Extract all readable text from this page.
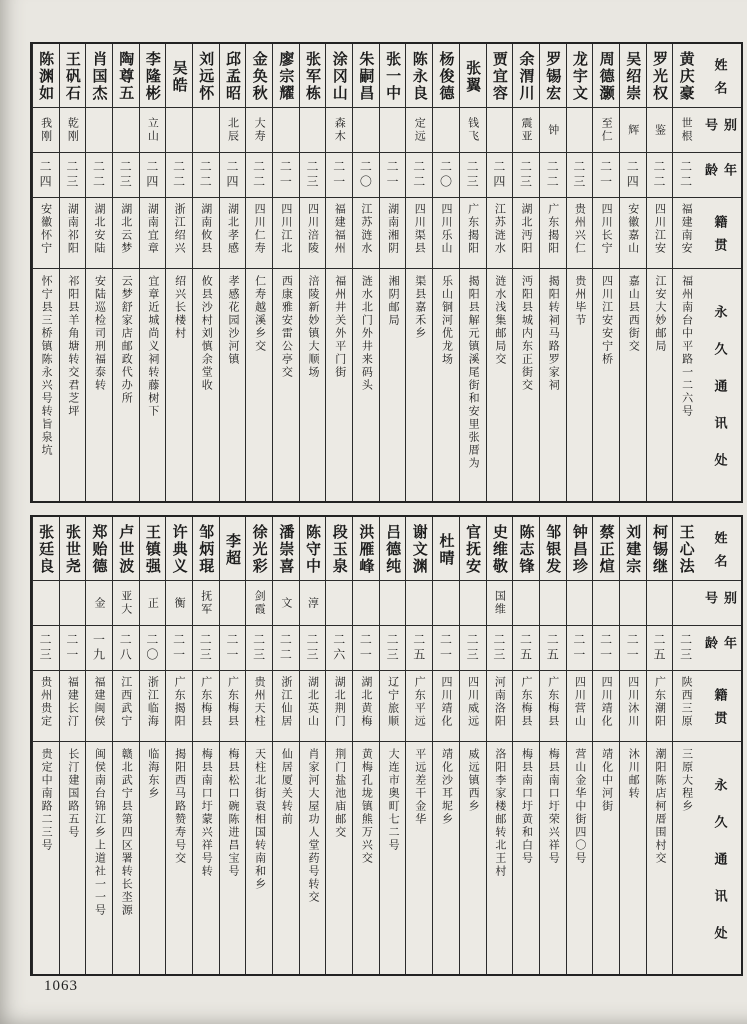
姓名
别号
年龄
籍贯
永久通讯处
黄庆豪
世根
二二
福建南安
福州南台中平路一二六号
罗光权
鉴
二二
四川江安
江安大妙邮局
吴绍崇
辉
二四
安徽嘉山
嘉山县西街交
周德灏
至仁
二一
四川长宁
四川江安安宁桥
龙宇文
二三
贵州兴仁
贵州毕节
罗锡宏
钟
二二
广东揭阳
揭阳转祠马路罗家祠
余渭川
震亚
二三
湖北沔阳
沔阳县城内东正街交
贾宜容
二四
江苏涟水
涟水浅集邮局交
张翼
钱飞
二三
广东揭阳
揭阳县解元镇溪尾街和安里张厝为
杨俊德
二〇
四川乐山
乐山铜河优龙场
陈永良
定远
二二
四川渠县
渠县嘉禾乡
张一中
二一
湖南湘阴
湘阴邮局
朱嗣昌
二〇
江苏涟水
涟水北门外井来码头
涂冈山
森木
二一
福建福州
福州井关外平门街
张军栋
二三
四川涪陵
涪陵新妙镇大顺场
廖宗耀
二一
四川江北
西康雅安雷公亭交
金奂秋
大寿
二二
四川仁寿
仁寿越溪乡交
邱孟昭
北辰
二四
湖北孝感
孝感花园沙河镇
刘远怀
二二
湖南攸县
攸县沙村刘慎余堂收
吴皓
二二
浙江绍兴
绍兴长楼村
李隆彬
立山
二四
湖南宜章
宜章近城尚义祠转藤树下
陶尊五
二三
湖北云梦
云梦舒家店邮政代办所
肖国杰
二二
湖北安陆
安陆巡检司刑福泰转
王矾石
乾刚
二三
湖南祁阳
祁阳县羊角塘转交君芝坪
陈渊如
我刚
二四
安徽怀宁
怀宁县三桥镇陈永兴号转旨泉坑
姓名
别号
年龄
籍贯
永久通讯处
王心法
二三
陕西三原
三原大程乡
柯锡继
二五
广东潮阳
潮阳陈店柯厝围村交
刘建宗
二一
四川沐川
沐川邮转
蔡正煊
二一
四川靖化
靖化中河街
钟昌珍
二一
四川营山
营山金华中街四〇号
邹银发
二五
广东梅县
梅县南口圩荣兴祥号
陈志锋
二五
广东梅县
梅县南口圩黄和白号
史维敬
国维
二三
河南洛阳
洛阳李家楼邮转北王村
官抚安
二三
四川威远
威远镇西乡
杜晴
二一
四川靖化
靖化沙耳坭乡
谢文渊
二五
广东平远
平远差干金华
吕德纯
二三
辽宁旅顺
大连市奥町七二号
洪雁峰
二一
湖北黄梅
黄梅孔垅镇熊万兴交
段玉泉
二六
湖北荆门
荆门盐池庙邮交
陈守中
淳
二三
湖北英山
肖家河大屋功人堂药号转交
潘崇喜
文
二二
浙江仙居
仙居厦关转前
徐光彩
剑霞
二三
贵州天柱
天柱北街袁相国转南和乡
李超
二一
广东梅县
梅县松口碗陈进昌宝号
邹炳琨
抚军
二三
广东梅县
梅县南口圩蒙兴祥号转
许典义
衡
二一
广东揭阳
揭阳西马路赞寿号交
王镇强
正
二〇
浙江临海
临海东乡
卢世波
亚大
二八
江西武宁
赣北武宁县第四区署转长坔源
郑贻德
金
一九
福建闽侯
闽侯南台锦江乡上道社一一号
张世尧
二一
福建长汀
长汀建国路五号
张廷良
二三
贵州贵定
贵定中南路二三号
1063
